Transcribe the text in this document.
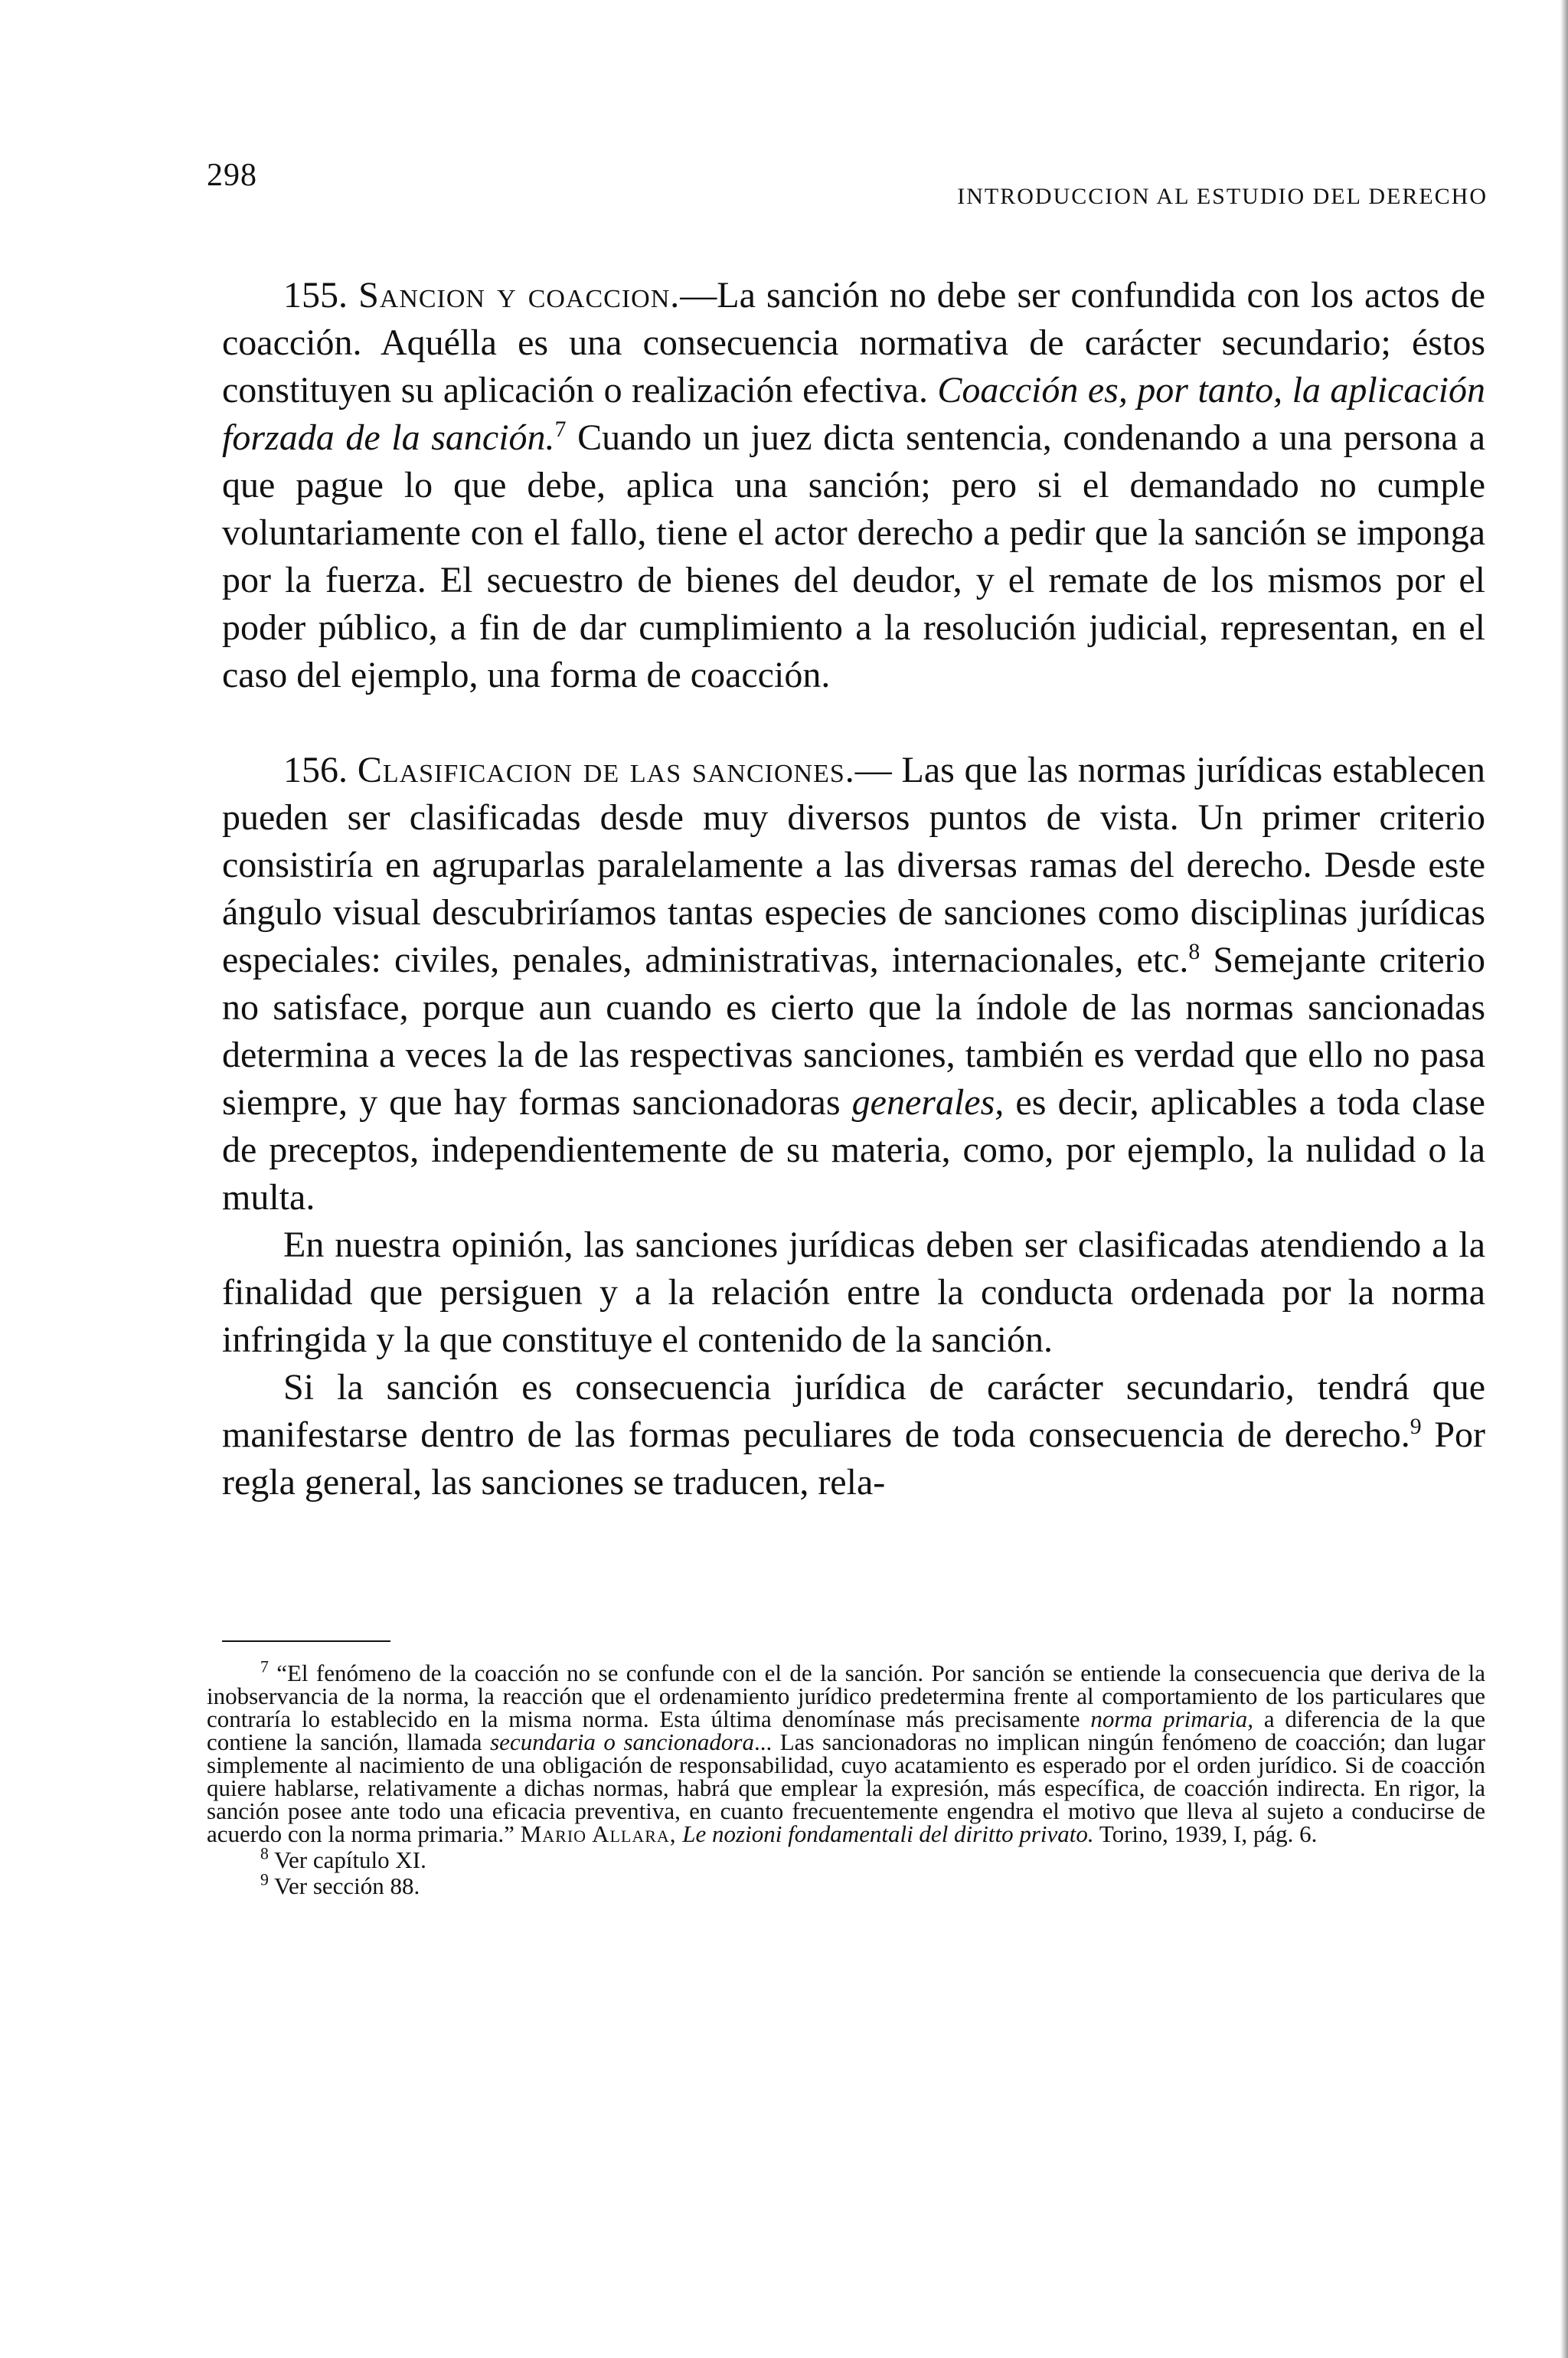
298
INTRODUCCION AL ESTUDIO DEL DERECHO

155. Sancion y coaccion.—La sanción no debe ser confundida con los actos de coacción. Aquélla es una consecuencia normativa de carácter secundario; éstos constituyen su aplicación o realización efectiva. Coacción es, por tanto, la aplicación forzada de la sanción.$^7$ Cuando un juez dicta sentencia, condenando a una persona a que pague lo que debe, aplica una sanción; pero si el demandado no cumple voluntariamente con el fallo, tiene el actor derecho a pedir que la sanción se imponga por la fuerza. El secuestro de bienes del deudor, y el remate de los mismos por el poder público, a fin de dar cumplimiento a la resolución judicial, representan, en el caso del ejemplo, una forma de coacción.

156. Clasificacion de las sanciones.— Las que las normas jurídicas establecen pueden ser clasificadas desde muy diversos puntos de vista. Un primer criterio consistiría en agruparlas paralelamente a las diversas ramas del derecho. Desde este ángulo visual descubriríamos tantas especies de sanciones como disciplinas jurídicas especiales: civiles, penales, administrativas, internacionales, etc.$^8$ Semejante criterio no satisface, porque aun cuando es cierto que la índole de las normas sancionadas determina a veces la de las respectivas sanciones, también es verdad que ello no pasa siempre, y que hay formas sancionadoras generales, es decir, aplicables a toda clase de preceptos, independientemente de su materia, como, por ejemplo, la nulidad o la multa.

En nuestra opinión, las sanciones jurídicas deben ser clasificadas atendiendo a la finalidad que persiguen y a la relación entre la conducta ordenada por la norma infringida y la que constituye el contenido de la sanción.

Si la sanción es consecuencia jurídica de carácter secundario, tendrá que manifestarse dentro de las formas peculiares de toda consecuencia de derecho.$^9$ Por regla general, las sanciones se traducen, rela-

$^7$ “El fenómeno de la coacción no se confunde con el de la sanción. Por sanción se entiende la consecuencia que deriva de la inobservancia de la norma, la reacción que el ordenamiento jurídico predetermina frente al comportamiento de los particulares que contraría lo establecido en la misma norma. Esta última denomínase más precisamente norma primaria, a diferencia de la que contiene la sanción, llamada secundaria o sancionadora... Las sancionadoras no implican ningún fenómeno de coacción; dan lugar simplemente al nacimiento de una obligación de responsabilidad, cuyo acatamiento es esperado por el orden jurídico. Si de coacción quiere hablarse, relativamente a dichas normas, habrá que emplear la expresión, más específica, de coacción indirecta. En rigor, la sanción posee ante todo una eficacia preventiva, en cuanto frecuentemente engendra el motivo que lleva al sujeto a conducirse de acuerdo con la norma primaria.” Mario Allara, Le nozioni fondamentali del diritto privato. Torino, 1939, I, pág. 6.

$^8$ Ver capítulo XI.

$^9$ Ver sección 88.
